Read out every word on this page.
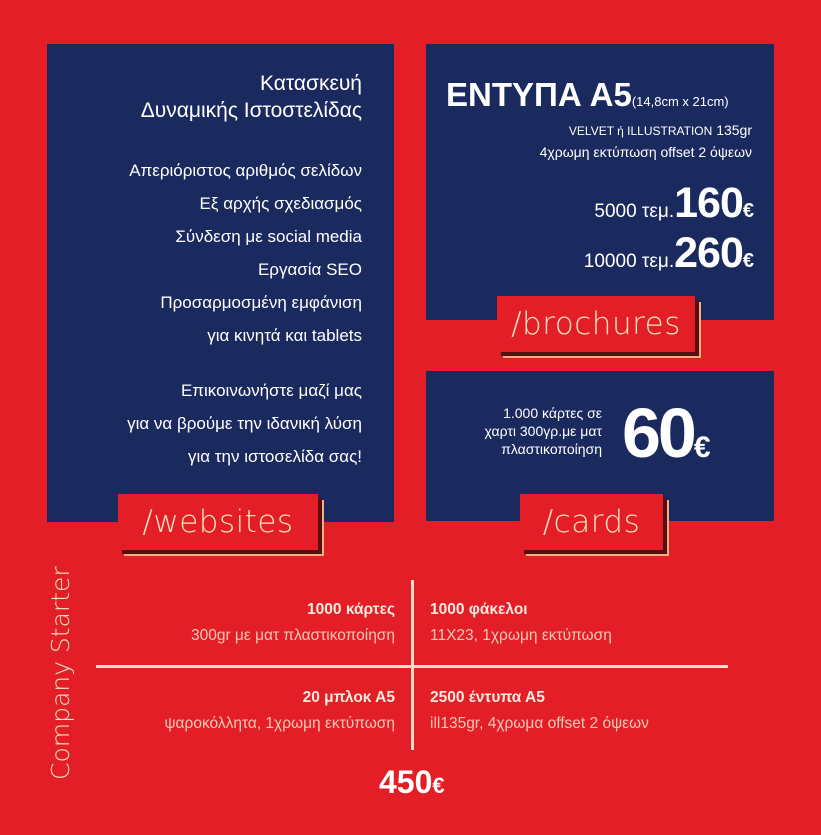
Κατασκευή
Δυναμικής Ιστοστελίδας
Απεριόριστος αριθμός σελίδων
Εξ αρχής σχεδιασμός
Σύνδεση με social media
Εργασία SEO
Προσαρμοσμένη εμφάνιση
για κινητά και tablets
Επικοινωνήστε μαζί μας
για να βρούμε την ιδανική λύση
για την ιστοσελίδα σας!
/websites
ΕΝΤΥΠΑ Α5(14,8cm x 21cm)
VELVET ή ILLUSTRATION 135gr
4χρωμη εκτύπωση offset 2 όψεων
5000 τεμ.160€
10000 τεμ.260€
/brochures
1.000 κάρτες σε
χαρτι 300γρ.με ματ
πλαστικοποίηση 60€
/cards
Company Starter	1000 κάρτες
300gr με ματ πλαστικοποίηση
1000 φάκελοι
11Χ23, 1χρωμη εκτύπωση
20 μπλοκ Α5
ψαροκόλλητα, 1χρωμη εκτύπωση
2500 έντυπα Α5
ill135gr, 4χρωμα offset 2 όψεων
450€
